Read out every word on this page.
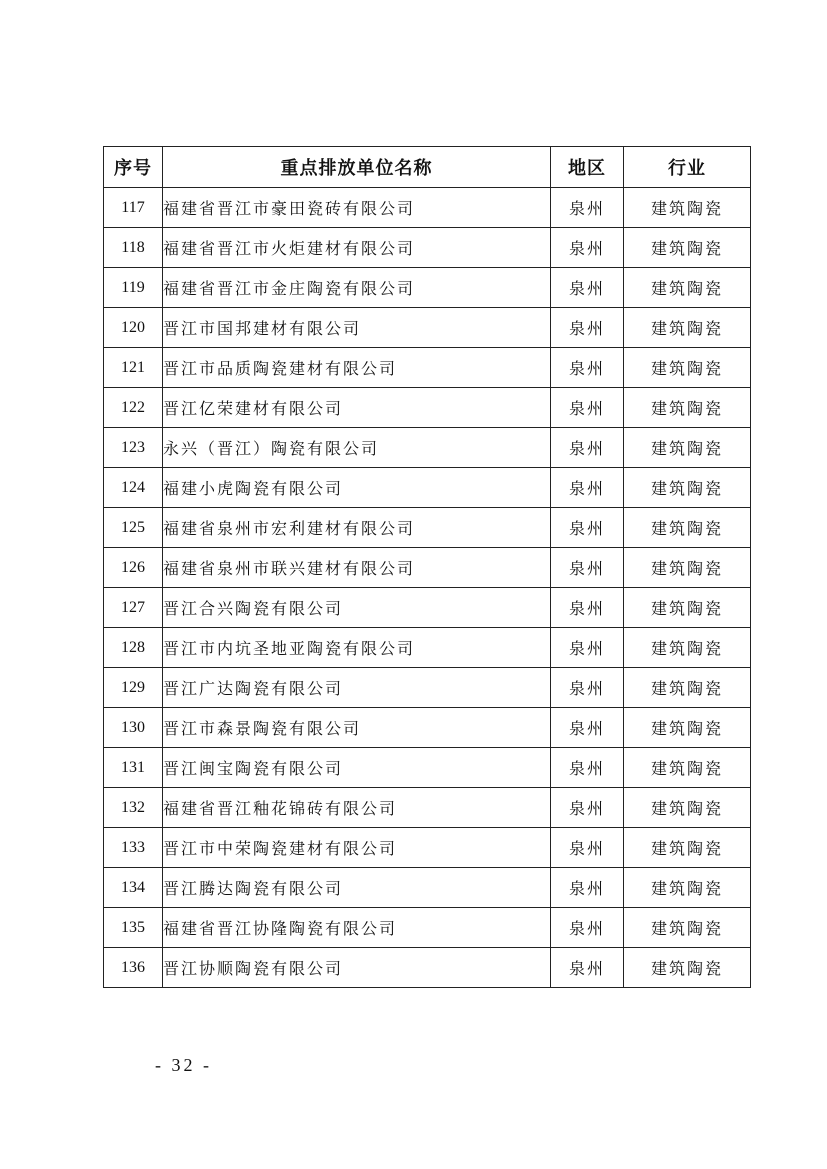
序号	重点排放单位名称	地区	行业
117	福建省晋江市豪田瓷砖有限公司	泉州	建筑陶瓷
118	福建省晋江市火炬建材有限公司	泉州	建筑陶瓷
119	福建省晋江市金庄陶瓷有限公司	泉州	建筑陶瓷
120	晋江市国邦建材有限公司	泉州	建筑陶瓷
121	晋江市品质陶瓷建材有限公司	泉州	建筑陶瓷
122	晋江亿荣建材有限公司	泉州	建筑陶瓷
123	永兴（晋江）陶瓷有限公司	泉州	建筑陶瓷
124	福建小虎陶瓷有限公司	泉州	建筑陶瓷
125	福建省泉州市宏利建材有限公司	泉州	建筑陶瓷
126	福建省泉州市联兴建材有限公司	泉州	建筑陶瓷
127	晋江合兴陶瓷有限公司	泉州	建筑陶瓷
128	晋江市内坑圣地亚陶瓷有限公司	泉州	建筑陶瓷
129	晋江广达陶瓷有限公司	泉州	建筑陶瓷
130	晋江市森景陶瓷有限公司	泉州	建筑陶瓷
131	晋江闽宝陶瓷有限公司	泉州	建筑陶瓷
132	福建省晋江釉花锦砖有限公司	泉州	建筑陶瓷
133	晋江市中荣陶瓷建材有限公司	泉州	建筑陶瓷
134	晋江腾达陶瓷有限公司	泉州	建筑陶瓷
135	福建省晋江协隆陶瓷有限公司	泉州	建筑陶瓷
136	晋江协顺陶瓷有限公司	泉州	建筑陶瓷
- 32 -
